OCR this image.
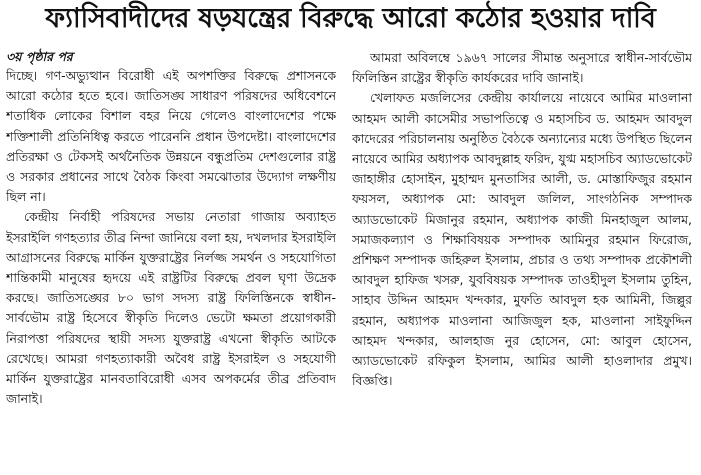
ফ্যাসিবাদীদের ষড়যন্ত্রের বিরুদ্ধে আরো কঠোর হওয়ার দাবি
৩য় পৃষ্ঠার পর

দিচ্ছে। গণ-অভ্যুত্থান বিরোধী এই অপশক্তির বিরুদ্ধে প্রশাসনকে আরো কঠোর হতে হবে। জাতিসঙ্ঘ সাধারণ পরিষদের অধিবেশনে শতাধিক লোকের বিশাল বহর নিয়ে গেলেও বাংলাদেশের পক্ষে শক্তিশালী প্রতিনিধিত্ব করতে পারেননি প্রধান উপদেষ্টা। বাংলাদেশের প্রতিরক্ষা ও টেকসই অর্থনৈতিক উন্নয়নে বন্ধুপ্রতিম দেশগুলোর রাষ্ট্র ও সরকার প্রধানের সাথে বৈঠক কিংবা সমঝোতার উদ্যোগ লক্ষণীয় ছিল না।

কেন্দ্রীয় নির্বাহী পরিষদের সভায় নেতারা গাজায় অব্যাহত ইসরাইলি গণহত্যার তীব্র নিন্দা জানিয়ে বলা হয়, দখলদার ইসরাইলি আগ্রাসনের বিরুদ্ধে মার্কিন যুক্তরাষ্ট্রের নির্লজ্জ সমর্থন ও সহযোগিতা শান্তিকামী মানুষের হৃদয়ে এই রাষ্ট্রটির বিরুদ্ধে প্রবল ঘৃণা উদ্রেক করছে। জাতিসঙ্ঘের ৮০ ভাগ সদস্য রাষ্ট্র ফিলিস্তিনকে স্বাধীন-সার্বভৌম রাষ্ট্র হিসেবে স্বীকৃতি দিলেও ভেটো ক্ষমতা প্রয়োগকারী নিরাপত্তা পরিষদের স্থায়ী সদস্য যুক্তরাষ্ট্র এখনো স্বীকৃতি আটকে রেখেছে। আমরা গণহত্যাকারী অবৈধ রাষ্ট্র ইসরাইল ও সহযোগী মার্কিন যুক্তরাষ্ট্রের মানবতাবিরোধী এসব অপকর্মের তীব্র প্রতিবাদ জানাই।

আমরা অবিলম্বে ১৯৬৭ সালের সীমান্ত অনুসারে স্বাধীন-সার্বভৌম ফিলিস্তিন রাষ্ট্রের স্বীকৃতি কার্যকরের দাবি জানাই।

খেলাফত মজলিসের কেন্দ্রীয় কার্যালয়ে নায়েবে আমির মাওলানা আহমদ আলী কাসেমীর সভাপতিত্বে ও মহাসচিব ড. আহমদ আবদুল কাদেরের পরিচালনায় অনুষ্ঠিত বৈঠকে অন্যান্যের মধ্যে উপস্থিত ছিলেন নায়েবে আমির অধ্যাপক আবদুল্লাহ ফরিদ, যুগ্ম মহাসচিব অ্যাডভোকেট জাহাঙ্গীর হোসাইন, মুহাম্মদ মুনতাসির আলী, ড. মোস্তাফিজুর রহমান ফয়সল, অধ্যাপক মো: আবদুল জলিল, সাংগঠনিক সম্পাদক অ্যাডভোকেট মিজানুর রহমান, অধ্যাপক কাজী মিনহাজুল আলম, সমাজকল্যাণ ও শিক্ষাবিষয়ক সম্পাদক আমিনুর রহমান ফিরোজ, প্রশিক্ষণ সম্পাদক জহিরুল ইসলাম, প্রচার ও তথ্য সম্পাদক প্রকৌশলী আবদুল হাফিজ খসরু, যুববিষয়ক সম্পাদক তাওহীদুল ইসলাম তুহিন, সাহাব উদ্দিন আহমদ খন্দকার, মুফতি আবদুল হক আমিনী, জিল্লুর রহমান, অধ্যাপক মাওলানা আজিজুল হক, মাওলানা সাইফুদ্দিন আহমদ খন্দকার, আলহাজ নুর হোসেন, মো: আবুল হোসেন, অ্যাডভোকেট রফিকুল ইসলাম, আমির আলী হাওলাদার প্রমুখ। বিজ্ঞপ্তি।
